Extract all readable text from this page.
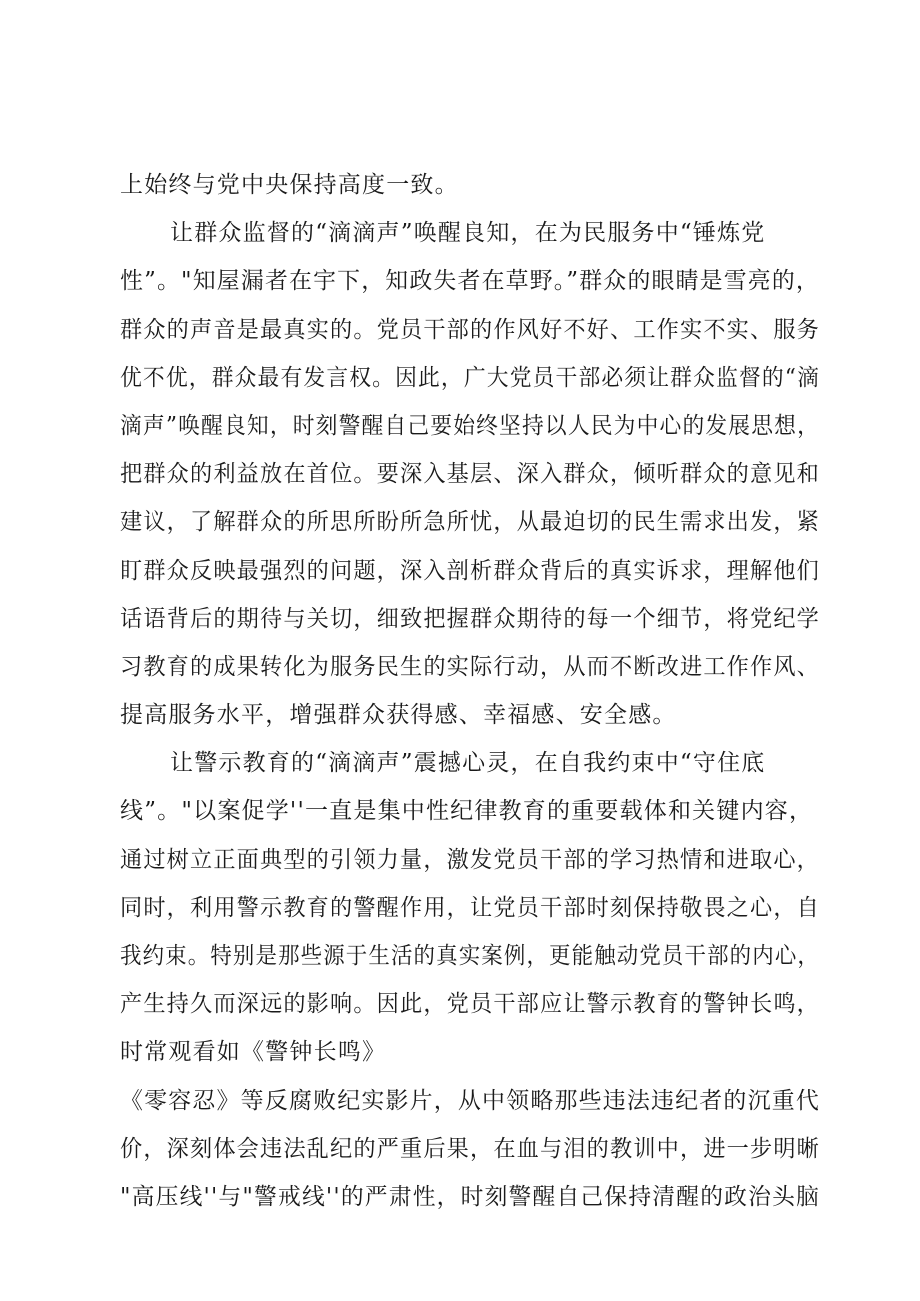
上始终与党中央保持高度一致。
让群众监督的“滴滴声”唤醒良知，在为民服务中“锤炼党
性”。"知屋漏者在宇下，知政失者在草野。”群众的眼睛是雪亮的，
群众的声音是最真实的。党员干部的作风好不好、工作实不实、服务
优不优，群众最有发言权。因此，广大党员干部必须让群众监督的“滴
滴声”唤醒良知，时刻警醒自己要始终坚持以人民为中心的发展思想，
把群众的利益放在首位。要深入基层、深入群众，倾听群众的意见和
建议，了解群众的所思所盼所急所忧，从最迫切的民生需求出发，紧
盯群众反映最强烈的问题，深入剖析群众背后的真实诉求，理解他们
话语背后的期待与关切，细致把握群众期待的每一个细节，将党纪学
习教育的成果转化为服务民生的实际行动，从而不断改进工作作风、
提高服务水平，增强群众获得感、幸福感、安全感。
让警示教育的“滴滴声”震撼心灵，在自我约束中“守住底
线”。"以案促学''一直是集中性纪律教育的重要载体和关键内容，
通过树立正面典型的引领力量，激发党员干部的学习热情和进取心，
同时，利用警示教育的警醒作用，让党员干部时刻保持敬畏之心，自
我约束。特别是那些源于生活的真实案例，更能触动党员干部的内心，
产生持久而深远的影响。因此，党员干部应让警示教育的警钟长鸣，
时常观看如《警钟长鸣》
《零容忍》等反腐败纪实影片，从中领略那些违法违纪者的沉重代
价，深刻体会违法乱纪的严重后果，在血与泪的教训中，进一步明晰
"高压线''与"警戒线''的严肃性，时刻警醒自己保持清醒的政治头脑
